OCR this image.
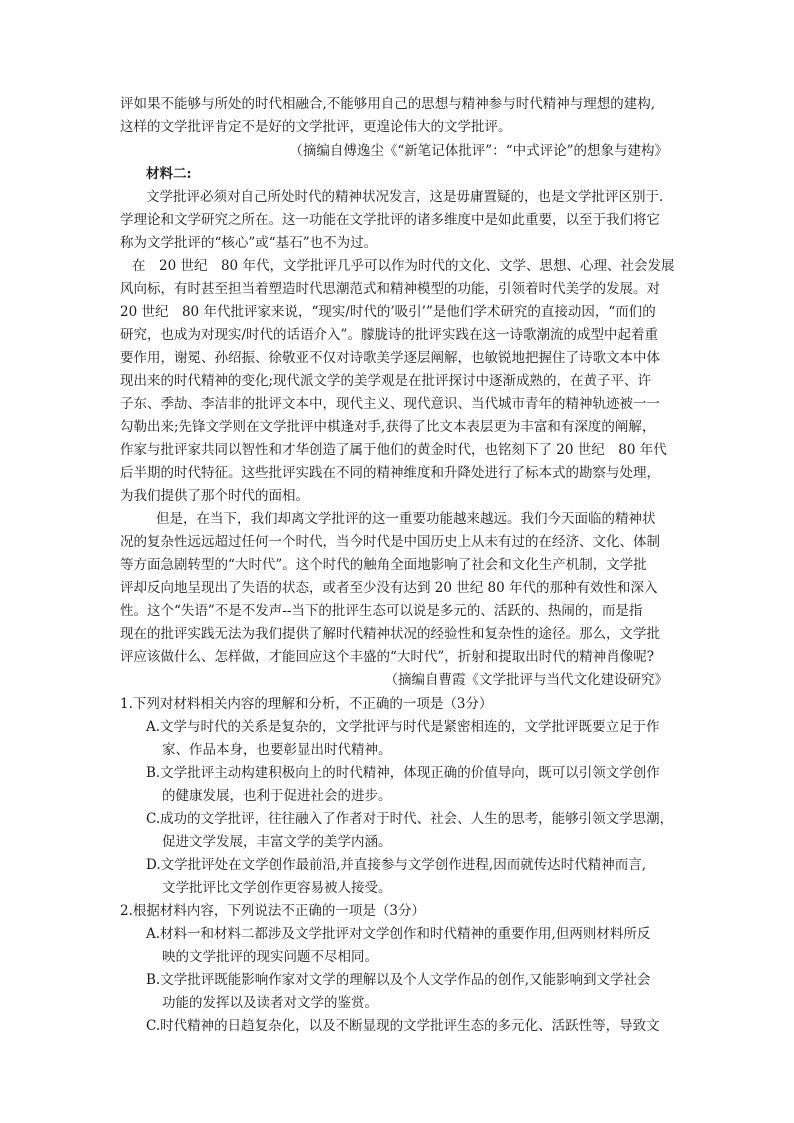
评如果不能够与所处的时代相融合,不能够用自己的思想与精神参与时代精神与理想的建构,
这样的文学批评肯定不是好的文学批评，更遑论伟大的文学批评。
（摘编自傅逸尘《“新笔记体批评”：“中式评论”的想象与建构》
材料二:
文学批评必须对自己所处时代的精神状况发言，这是毋庸置疑的，也是文学批评区别于.
学理论和文学研究之所在。这一功能在文学批评的诸多维度中是如此重要，以至于我们将它
称为文学批评的“核心”或“基石”也不为过。
在　20 世纪　80 年代，文学批评几乎可以作为时代的文化、文学、思想、心理、社会发展
风向标，有时甚至担当着塑造时代思潮范式和精神模型的功能，引领着时代美学的发展。对
20 世纪　80 年代批评家来说，“现实/时代的’吸引’”是他们学术研究的直接动因，“而们的
研究，也成为对现实/时代的话语介入”。朦胧诗的批评实践在这一诗歌潮流的成型中起着重
要作用，谢冕、孙绍振、徐敬亚不仅对诗歌美学逐层阐解，也敏锐地把握住了诗歌文本中体
现出来的时代精神的变化;现代派文学的美学观是在批评探讨中逐渐成熟的，在黄子平、许
子东、季劼、李洁非的批评文本中，现代主义、现代意识、当代城市青年的精神轨迹被一一
勾勒出来;先锋文学则在文学批评中棋逢对手,获得了比文本表层更为丰富和有深度的阐解，
作家与批评家共同以智性和才华创造了属于他们的黄金时代，也铭刻下了 20 世纪　80 年代
后半期的时代特征。这些批评实践在不同的精神维度和升降处进行了标本式的勘察与处理，
为我们提供了那个时代的面相。
但是，在当下，我们却离文学批评的这一重要功能越来越远。我们今天面临的精神状
况的复杂性远远超过任何一个时代，当今时代是中国历史上从未有过的在经济、文化、体制
等方面急剧转型的“大时代”。这个时代的触角全面地影响了社会和文化生产机制，文学批
评却反向地呈现出了失语的状态，或者至少没有达到 20 世纪 80 年代的那种有效性和深入
性。这个“失语”不是不发声--当下的批评生态可以说是多元的、活跃的、热闹的，而是指
现在的批评实践无法为我们提供了解时代精神状况的经验性和复杂性的途径。那么，文学批
评应该做什么、怎样做，才能回应这个丰盛的“大时代”，折射和提取出时代的精神肖像呢?
（摘编自曹霞《文学批评与当代文化建设研究》
1.下列对材料相关内容的理解和分析，不正确的一项是（3分）
A.文学与时代的关系是复杂的，文学批评与时代是紧密相连的，文学批评既要立足于作
家、作品本身，也要彰显出时代精神。
B.文学批评主动构建积极向上的时代精神，体现正确的价值导向，既可以引领文学创作
的健康发展，也利于促进社会的进步。
C.成功的文学批评，往往融入了作者对于时代、社会、人生的思考，能够引领文学思潮，
促进文学发展，丰富文学的美学内涵。
D.文学批评处在文学创作最前沿,并直接参与文学创作进程,因而就传达时代精神而言,
文学批评比文学创作更容易被人接受。
2.根据材料内容，下列说法不正确的一项是（3分）
A.材料一和材料二都涉及文学批评对文学创作和时代精神的重要作用,但两则材料所反
映的文学批评的现实问题不尽相同。
B.文学批评既能影响作家对文学的理解以及个人文学作品的创作,又能影响到文学社会
功能的发挥以及读者对文学的鉴赏。
C.时代精神的日趋复杂化，以及不断显现的文学批评生态的多元化、活跃性等，导致文
